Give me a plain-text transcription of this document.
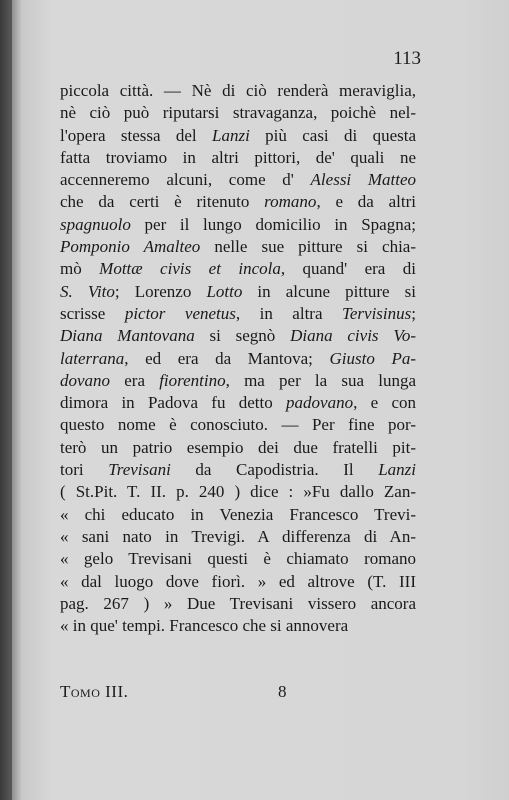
113
piccola città. — Nè di ciò renderà meraviglia,
nè ciò può riputarsi stravaganza, poichè nel-
l'opera stessa del Lanzi più casi di questa
fatta troviamo in altri pittori, de' quali ne
accenneremo alcuni, come d' Alessi Matteo
che da certi è ritenuto romano, e da altri
spagnuolo per il lungo domicilio in Spagna;
Pomponio Amalteo nelle sue pitture si chia-
mò Mottæ civis et incola, quand' era di
S. Vito; Lorenzo Lotto in alcune pitture si
scrisse pictor venetus, in altra Tervisinus;
Diana Mantovana si segnò Diana civis Vo-
laterrana, ed era da Mantova; Giusto Pa-
dovano era fiorentino, ma per la sua lunga
dimora in Padova fu detto padovano, e con
questo nome è conosciuto. — Per fine por-
terò un patrio esempio dei due fratelli pit-
tori Trevisani da Capodistria. Il Lanzi
( St.Pit. T. II. p. 240 ) dice : »Fu dallo Zan-
« chi educato in Venezia Francesco Trevi-
« sani nato in Trevigi. A differenza di An-
« gelo Trevisani questi è chiamato romano
« dal luogo dove fiorì. » ed altrove (T. III
pag. 267 ) » Due Trevisani vissero ancora
« in que' tempi. Francesco che si annovera
Tomo III.	8
